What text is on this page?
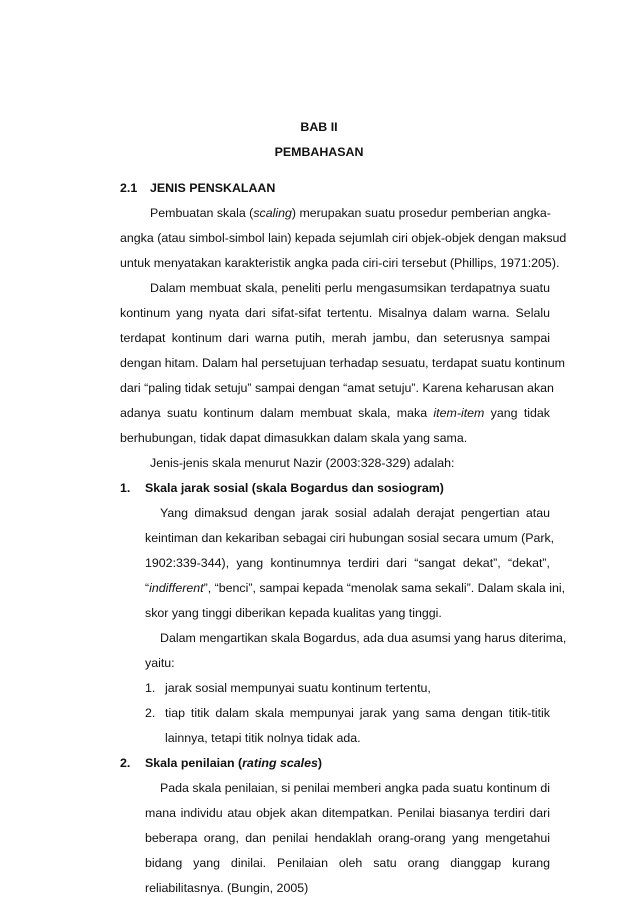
BAB II
PEMBAHASAN
2.1	JENIS PENSKALAAN
Pembuatan skala (scaling) merupakan suatu prosedur pemberian angka-
angka (atau simbol-simbol lain) kepada sejumlah ciri objek-objek dengan maksud
untuk menyatakan karakteristik angka pada ciri-ciri tersebut (Phillips, 1971:205).
Dalam membuat skala, peneliti perlu mengasumsikan terdapatnya suatu
kontinum yang nyata dari sifat-sifat tertentu. Misalnya dalam warna. Selalu
terdapat kontinum dari warna putih, merah jambu, dan seterusnya sampai
dengan hitam. Dalam hal persetujuan terhadap sesuatu, terdapat suatu kontinum
dari “paling tidak setuju” sampai dengan “amat setuju”. Karena keharusan akan
adanya suatu kontinum dalam membuat skala, maka item-item yang tidak
berhubungan, tidak dapat dimasukkan dalam skala yang sama.
Jenis-jenis skala menurut Nazir (2003:328-329) adalah:
1.	Skala jarak sosial (skala Bogardus dan sosiogram)
Yang dimaksud dengan jarak sosial adalah derajat pengertian atau
keintiman dan kekariban sebagai ciri hubungan sosial secara umum (Park,
1902:339-344), yang kontinumnya terdiri dari “sangat dekat”, “dekat”,
“indifferent”, “benci”, sampai kepada “menolak sama sekali”. Dalam skala ini,
skor yang tinggi diberikan kepada kualitas yang tinggi.
Dalam mengartikan skala Bogardus, ada dua asumsi yang harus diterima,
yaitu:
1. jarak sosial mempunyai suatu kontinum tertentu,
2. tiap titik dalam skala mempunyai jarak yang sama dengan titik-titik
lainnya, tetapi titik nolnya tidak ada.
2.	Skala penilaian (rating scales)
Pada skala penilaian, si penilai memberi angka pada suatu kontinum di
mana individu atau objek akan ditempatkan. Penilai biasanya terdiri dari
beberapa orang, dan penilai hendaklah orang-orang yang mengetahui
bidang yang dinilai. Penilaian oleh satu orang dianggap kurang
reliabilitasnya. (Bungin, 2005)
